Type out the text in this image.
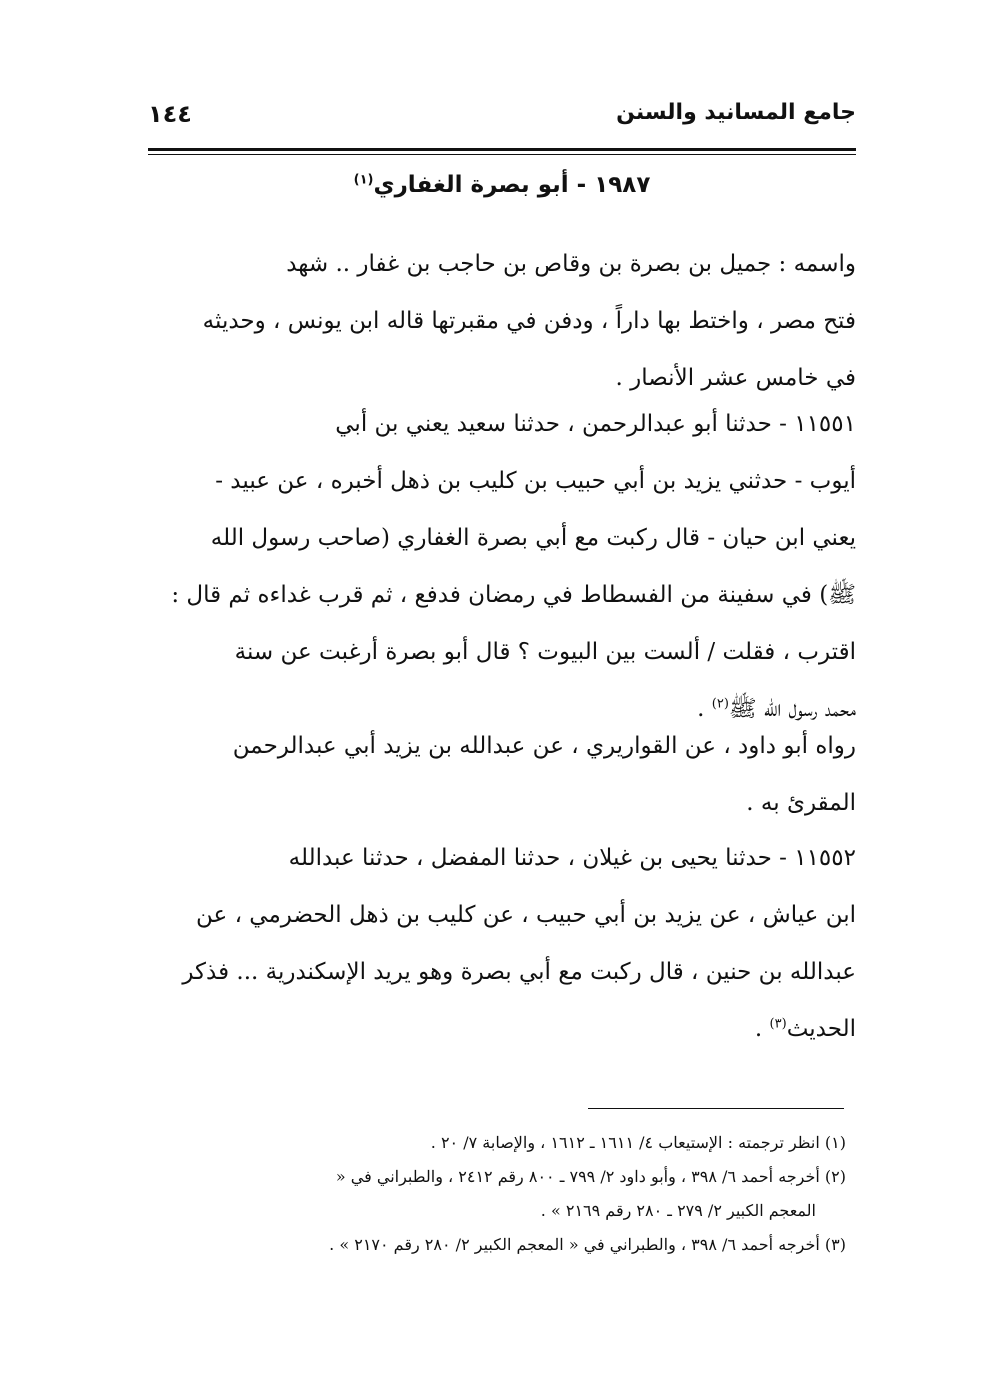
جامع المسانيد والسنن
١٤٤
١٩٨٧ - أبو بصرة الغفاري$^{(١)}$
واسمه : جميل بن بصرة بن وقاص بن حاجب بن غفار .. شهد
فتح مصر ، واختط بها داراً ، ودفن في مقبرتها قاله ابن يونس ، وحديثه
في خامس عشر الأنصار .
١١٥٥١ - حدثنا أبو عبدالرحمن ، حدثنا سعيد يعني بن أبي
أيوب - حدثني يزيد بن أبي حبيب بن كليب بن ذهل أخبره ، عن عبيد -
يعني ابن حيان - قال ركبت مع أبي بصرة الغفاري (صاحب رسول الله
ﷺ) في سفينة من الفسطاط في رمضان فدفع ، ثم قرب غداءه ثم قال :
اقترب ، فقلت / ألست بين البيوت ؟ قال أبو بصرة أرغبت عن سنة
محمد رسول الله ﷺ$^{(٢)}$ .
رواه أبو داود ، عن القواريري ، عن عبدالله بن يزيد أبي عبدالرحمن
المقرئ به .
١١٥٥٢ - حدثنا يحيى بن غيلان ، حدثنا المفضل ، حدثنا عبدالله
ابن عياش ، عن يزيد بن أبي حبيب ، عن كليب بن ذهل الحضرمي ، عن
عبدالله بن حنين ، قال ركبت مع أبي بصرة وهو يريد الإسكندرية ... فذكر
الحديث$^{(٣)}$ .
(١) انظر ترجمته : الإستيعاب ٤/ ١٦١١ ـ ١٦١٢ ، والإصابة ٧/ ٢٠ .
(٢) أخرجه أحمد ٦/ ٣٩٨ ، وأبو داود ٢/ ٧٩٩ ـ ٨٠٠ رقم ٢٤١٢ ، والطبراني في «
المعجم الكبير ٢/ ٢٧٩ ـ ٢٨٠ رقم ٢١٦٩ » .
(٣) أخرجه أحمد ٦/ ٣٩٨ ، والطبراني في « المعجم الكبير ٢/ ٢٨٠ رقم ٢١٧٠ » .
